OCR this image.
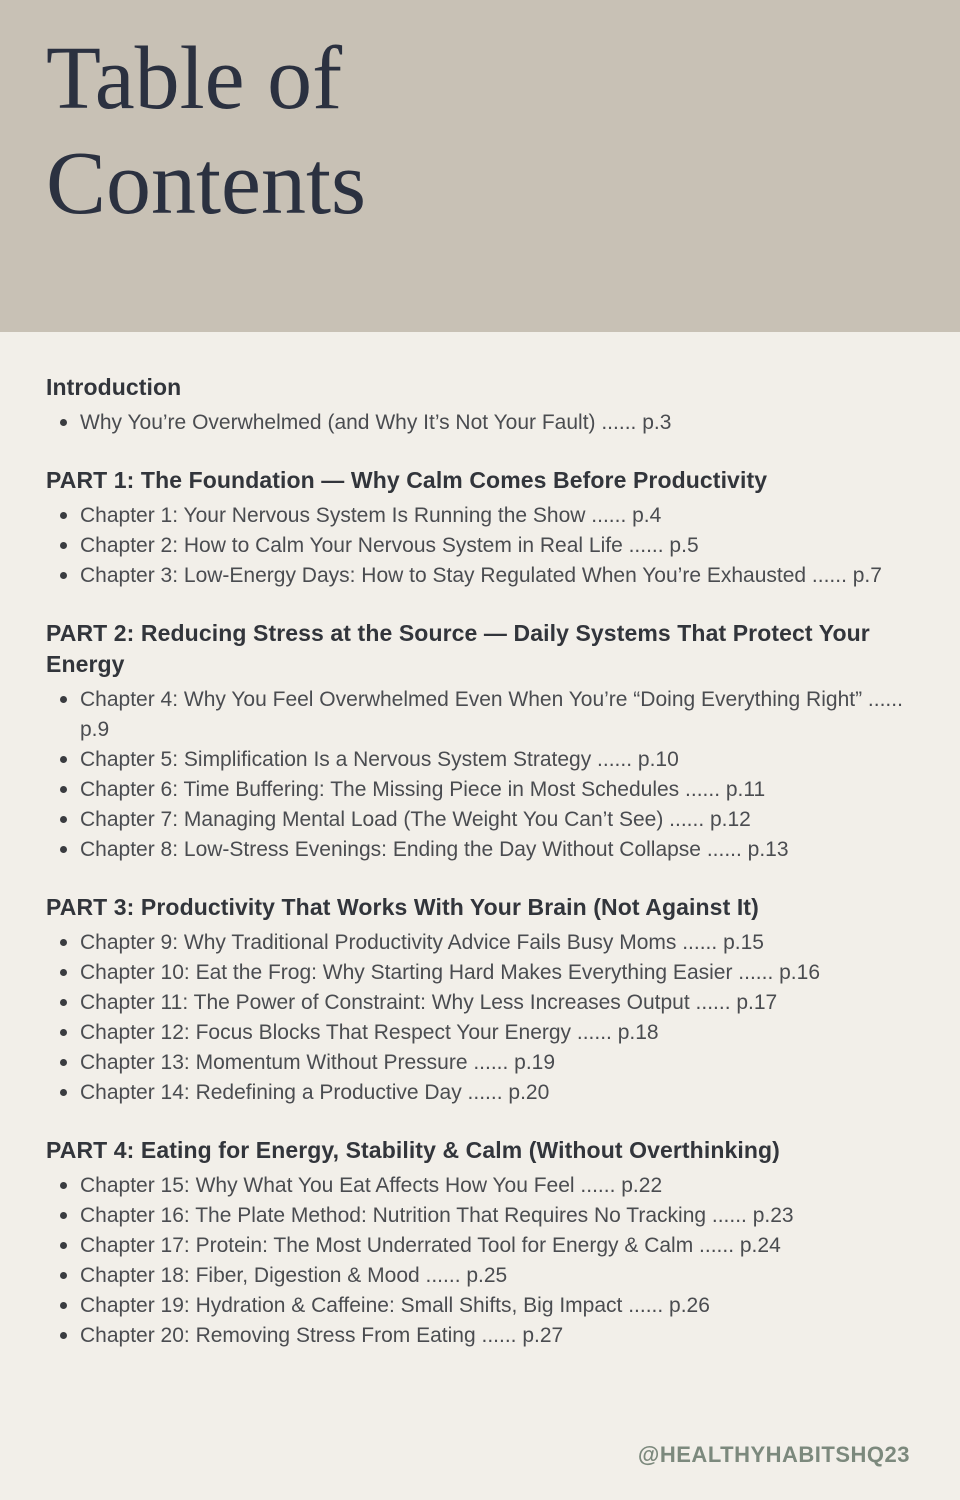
Table of Contents
Introduction
Why You’re Overwhelmed (and Why It’s Not Your Fault) ...... p.3
PART 1: The Foundation — Why Calm Comes Before Productivity
Chapter 1: Your Nervous System Is Running the Show ...... p.4
Chapter 2: How to Calm Your Nervous System in Real Life ...... p.5
Chapter 3: Low-Energy Days: How to Stay Regulated When You’re Exhausted ...... p.7
PART 2: Reducing Stress at the Source — Daily Systems That Protect Your Energy
Chapter 4: Why You Feel Overwhelmed Even When You’re “Doing Everything Right” ...... p.9
Chapter 5: Simplification Is a Nervous System Strategy ...... p.10
Chapter 6: Time Buffering: The Missing Piece in Most Schedules ...... p.11
Chapter 7: Managing Mental Load (The Weight You Can’t See) ...... p.12
Chapter 8: Low-Stress Evenings: Ending the Day Without Collapse ...... p.13
PART 3: Productivity That Works With Your Brain (Not Against It)
Chapter 9: Why Traditional Productivity Advice Fails Busy Moms ...... p.15
Chapter 10: Eat the Frog: Why Starting Hard Makes Everything Easier ...... p.16
Chapter 11: The Power of Constraint: Why Less Increases Output ...... p.17
Chapter 12: Focus Blocks That Respect Your Energy ...... p.18
Chapter 13: Momentum Without Pressure ...... p.19
Chapter 14: Redefining a Productive Day ...... p.20
PART 4: Eating for Energy, Stability & Calm (Without Overthinking)
Chapter 15: Why What You Eat Affects How You Feel ...... p.22
Chapter 16: The Plate Method: Nutrition That Requires No Tracking ...... p.23
Chapter 17: Protein: The Most Underrated Tool for Energy & Calm ...... p.24
Chapter 18: Fiber, Digestion & Mood ...... p.25
Chapter 19: Hydration & Caffeine: Small Shifts, Big Impact ...... p.26
Chapter 20: Removing Stress From Eating ...... p.27
@HEALTHYHABITSHQ23
